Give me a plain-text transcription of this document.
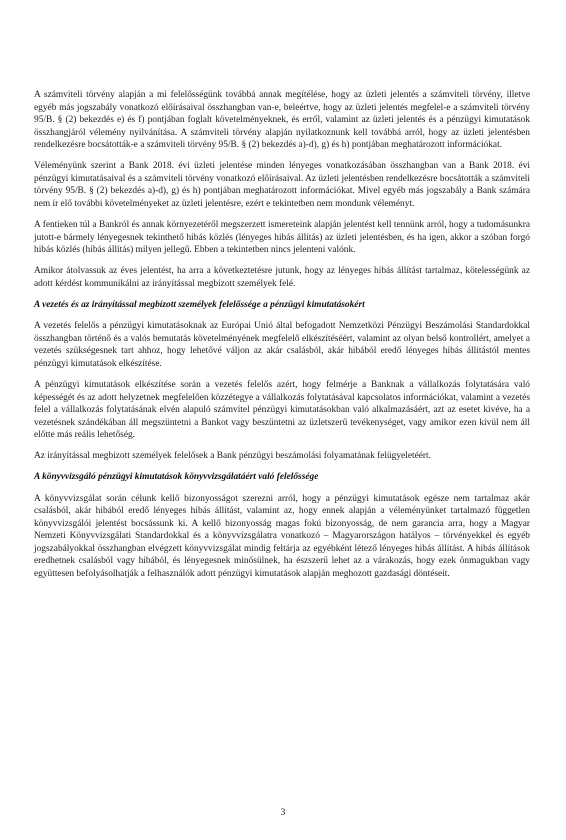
A számviteli törvény alapján a mi felelősségünk továbbá annak megítélése, hogy az üzleti jelentés a számviteli törvény, illetve egyéb más jogszabály vonatkozó előírásaival összhangban van-e, beleértve, hogy az üzleti jelentés megfelel-e a számviteli törvény 95/B. § (2) bekezdés e) és f) pontjában foglalt követelményeknek, és erről, valamint az üzleti jelentés és a pénzügyi kimutatások összhangjáról vélemény nyilvánítása. A számviteli törvény alapján nyilatkoznunk kell továbbá arról, hogy az üzleti jelentésben rendelkezésre bocsátották-e a számviteli törvény 95/B. § (2) bekezdés a)-d), g) és h) pontjában meghatározott információkat.

Véleményünk szerint a Bank 2018. évi üzleti jelentése minden lényeges vonatkozásában összhangban van a Bank 2018. évi pénzügyi kimutatásaival és a számviteli törvény vonatkozó előírásaival. Az üzleti jelentésben rendelkezésre bocsátották a számviteli törvény 95/B. § (2) bekezdés a)-d), g) és h) pontjában meghatározott információkat. Mivel egyéb más jogszabály a Bank számára nem ír elő további követelményeket az üzleti jelentésre, ezért e tekintetben nem mondunk véleményt.

A fentieken túl a Bankról és annak környezetéről megszerzett ismereteink alapján jelentést kell tennünk arról, hogy a tudomásunkra jutott-e bármely lényegesnek tekinthető hibás közlés (lényeges hibás állítás) az üzleti jelentésben, és ha igen, akkor a szóban forgó hibás közlés (hibás állítás) milyen jellegű. Ebben a tekintetben nincs jelenteni valónk.

Amikor átolvassuk az éves jelentést, ha arra a következtetésre jutunk, hogy az lényeges hibás állítást tartalmaz, kötelességünk az adott kérdést kommunikálni az irányítással megbízott személyek felé.

A vezetés és az irányítással megbízott személyek felelőssége a pénzügyi kimutatásokért

A vezetés felelős a pénzügyi kimutatásoknak az Európai Unió által befogadott Nemzetközi Pénzügyi Beszámolási Standardokkal összhangban történő és a valós bemutatás követelményének megfelelő elkészítéséért, valamint az olyan belső kontrollért, amelyet a vezetés szükségesnek tart ahhoz, hogy lehetővé váljon az akár csalásból, akár hibából eredő lényeges hibás állítástól mentes pénzügyi kimutatások elkészítése.

A pénzügyi kimutatások elkészítése során a vezetés felelős azért, hogy felmérje a Banknak a vállalkozás folytatására való képességét és az adott helyzetnek megfelelően közzétegye a vállalkozás folytatásával kapcsolatos információkat, valamint a vezetés felel a vállalkozás folytatásának elvén alapuló számvitel pénzügyi kimutatásokban való alkalmazásáért, azt az esetet kivéve, ha a vezetésnek szándékában áll megszüntetni a Bankot vagy beszüntetni az üzletszerű tevékenységet, vagy amikor ezen kívül nem áll előtte más reális lehetőség.

Az irányítással megbízott személyek felelősek a Bank pénzügyi beszámolási folyamatának felügyeletéért.

A könyvvizsgáló pénzügyi kimutatások könyvvizsgálatáért való felelőssége

A könyvvizsgálat során célunk kellő bizonyosságot szerezni arról, hogy a pénzügyi kimutatások egésze nem tartalmaz akár csalásból, akár hibából eredő lényeges hibás állítást, valamint az, hogy ennek alapján a véleményünket tartalmazó független könyvvizsgálói jelentést bocsássunk ki. A kellő bizonyosság magas fokú bizonyosság, de nem garancia arra, hogy a Magyar Nemzeti Könyvvizsgálati Standardokkal és a könyvvizsgálatra vonatkozó – Magyarországon hatályos – törvényekkel és egyéb jogszabályokkal összhangban elvégzett könyvvizsgálat mindig feltárja az egyébként létező lényeges hibás állítást. A hibás állítások eredhetnek csalásból vagy hibából, és lényegesnek minősülnek, ha észszerű lehet az a várakozás, hogy ezek önmagukban vagy együttesen befolyásolhatják a felhasználók adott pénzügyi kimutatások alapján meghozott gazdasági döntéseit.

3
